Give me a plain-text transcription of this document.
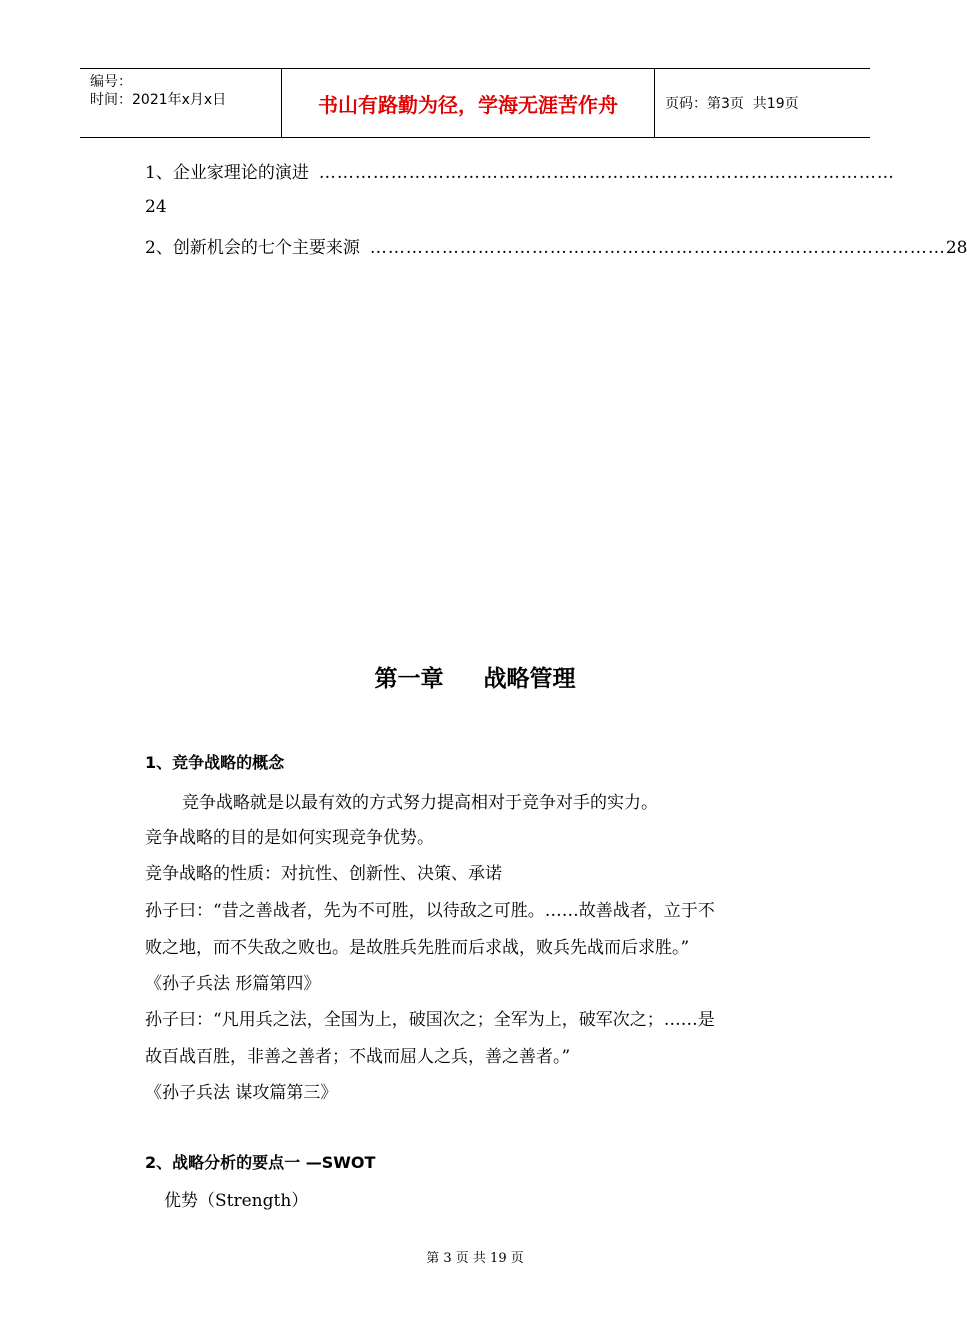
编号：
时间：2021年x月x日	书山有路勤为径，学海无涯苦作舟	页码：第3页  共19页
1、企业家理论的演进 ……………………………………………………………………………………
24
2、创新机会的七个主要来源 …………………………………………………………………………………… 28
第一章     战略管理
1、竞争战略的概念
竞争战略就是以最有效的方式努力提高相对于竞争对手的实力。
竞争战略的目的是如何实现竞争优势。
竞争战略的性质：对抗性、创新性、决策、承诺
孙子曰：“昔之善战者，先为不可胜，以待敌之可胜。……故善战者，立于不
败之地，而不失敌之败也。是故胜兵先胜而后求战，败兵先战而后求胜。”
《孙子兵法 形篇第四》
孙子曰：“凡用兵之法，全国为上，破国次之；全军为上，破军次之；……是
故百战百胜，非善之善者；不战而屈人之兵，善之善者。”
《孙子兵法 谋攻篇第三》
2、战略分析的要点一 —SWOT
优势（Strength）
第 3 页 共 19 页
